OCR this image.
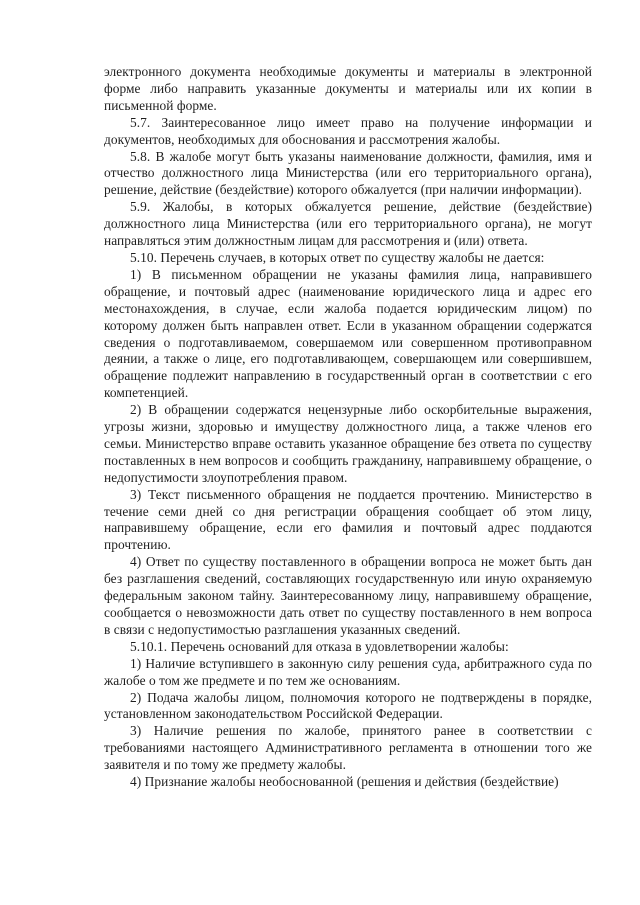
электронного документа необходимые документы и материалы в электронной форме либо направить указанные документы и материалы или их копии в письменной форме.

5.7. Заинтересованное лицо имеет право на получение информации и документов, необходимых для обоснования и рассмотрения жалобы.

5.8. В жалобе могут быть указаны наименование должности, фамилия, имя и отчество должностного лица Министерства (или его территориального органа), решение, действие (бездействие) которого обжалуется (при наличии информации).

5.9. Жалобы, в которых обжалуется решение, действие (бездействие) должностного лица Министерства (или его территориального органа), не могут направляться этим должностным лицам для рассмотрения и (или) ответа.

5.10. Перечень случаев, в которых ответ по существу жалобы не дается:

1) В письменном обращении не указаны фамилия лица, направившего обращение, и почтовый адрес (наименование юридического лица и адрес его местонахождения, в случае, если жалоба подается юридическим лицом) по которому должен быть направлен ответ. Если в указанном обращении содержатся сведения о подготавливаемом, совершаемом или совершенном противоправном деянии, а также о лице, его подготавливающем, совершающем или совершившем, обращение подлежит направлению в государственный орган в соответствии с его компетенцией.

2) В обращении содержатся нецензурные либо оскорбительные выражения, угрозы жизни, здоровью и имуществу должностного лица, а также членов его семьи. Министерство вправе оставить указанное обращение без ответа по существу поставленных в нем вопросов и сообщить гражданину, направившему обращение, о недопустимости злоупотребления правом.

3) Текст письменного обращения не поддается прочтению. Министерство в течение семи дней со дня регистрации обращения сообщает об этом лицу, направившему обращение, если его фамилия и почтовый адрес поддаются прочтению.

4) Ответ по существу поставленного в обращении вопроса не может быть дан без разглашения сведений, составляющих государственную или иную охраняемую федеральным законом тайну. Заинтересованному лицу, направившему обращение, сообщается о невозможности дать ответ по существу поставленного в нем вопроса в связи с недопустимостью разглашения указанных сведений.

5.10.1. Перечень оснований для отказа в удовлетворении жалобы:

1) Наличие вступившего в законную силу решения суда, арбитражного суда по жалобе о том же предмете и по тем же основаниям.

2) Подача жалобы лицом, полномочия которого не подтверждены в порядке, установленном законодательством Российской Федерации.

3) Наличие решения по жалобе, принятого ранее в соответствии с требованиями настоящего Административного регламента в отношении того же заявителя и по тому же предмету жалобы.

4) Признание жалобы необоснованной (решения и действия (бездействие)
